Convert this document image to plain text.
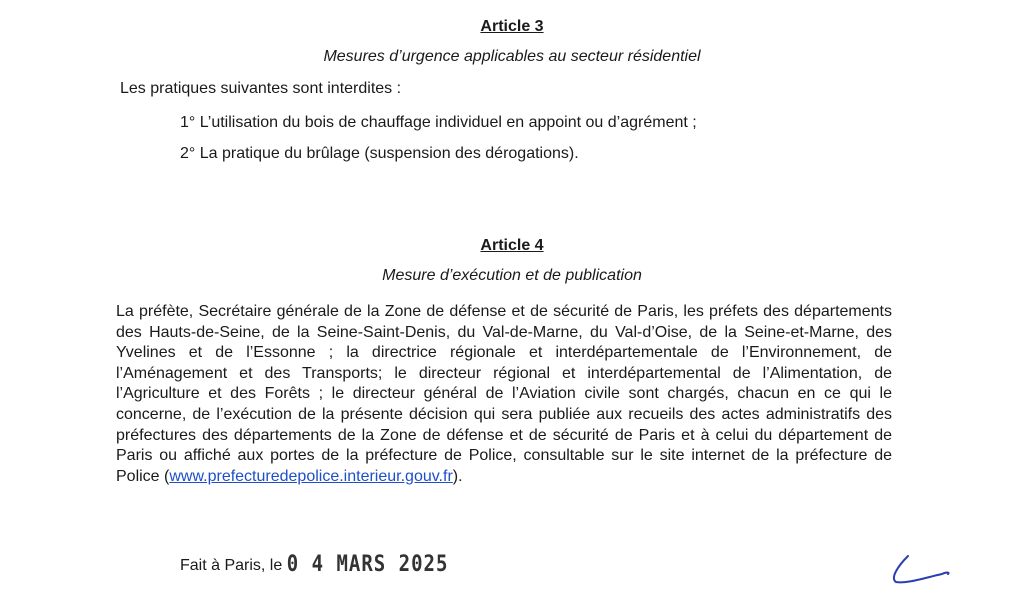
Article 3
Mesures d’urgence applicables au secteur résidentiel
Les pratiques suivantes sont interdites :
1° L’utilisation du bois de chauffage individuel en appoint ou d’agrément ;
2° La pratique du brûlage (suspension des dérogations).
Article 4
Mesure d’exécution et de publication
La préfète, Secrétaire générale de la Zone de défense et de sécurité de Paris, les préfets des départements des Hauts-de-Seine, de la Seine-Saint-Denis, du Val-de-Marne, du Val-d’Oise, de la Seine-et-Marne, des Yvelines et de l’Essonne ; la directrice régionale et interdépartementale de l’Environnement, de l’Aménagement et des Transports; le directeur régional et interdépartemental de l’Alimentation, de l’Agriculture et des Forêts ; le directeur général de l’Aviation civile sont chargés, chacun en ce qui le concerne, de l’exécution de la présente décision qui sera publiée aux recueils des actes administratifs des préfectures des départements de la Zone de défense et de sécurité de Paris et à celui du département de Paris ou affiché aux portes de la préfecture de Police, consultable sur le site internet de la préfecture de Police (www.prefecturedepolice.interieur.gouv.fr).
Fait à Paris, le 0 4 MARS 2025
